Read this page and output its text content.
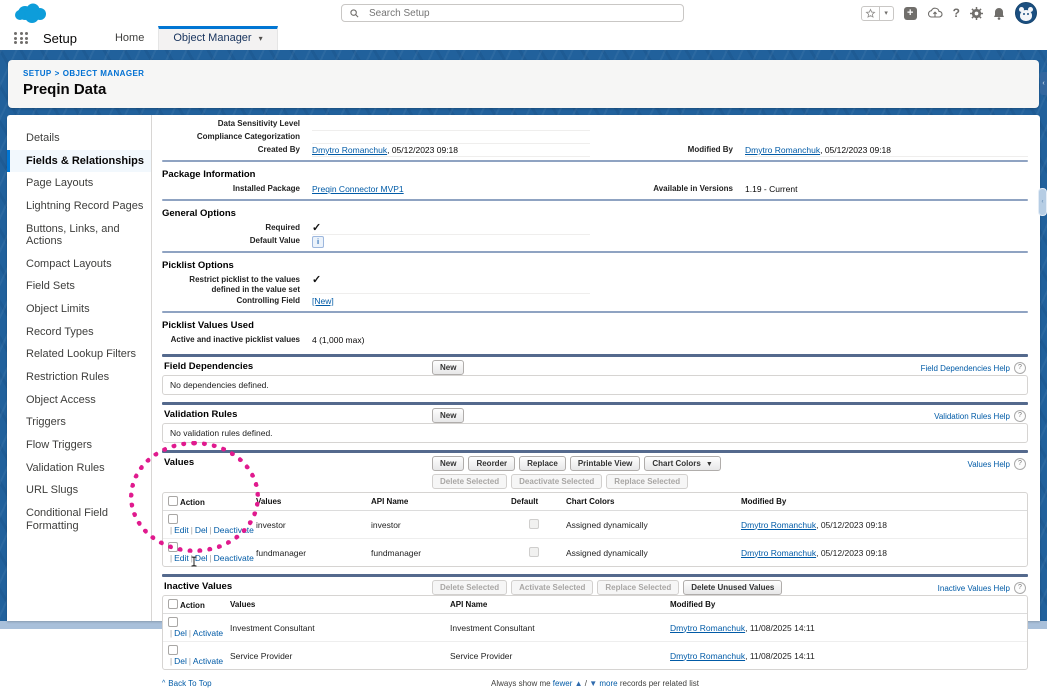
Search Setup
▾	+	?
Setup	Home	Object Manager ▾
SETUP > OBJECT MANAGER
Preqin Data
Details
Fields & Relationships
Page Layouts
Lightning Record Pages
Buttons, Links, and Actions
Compact Layouts
Field Sets
Object Limits
Record Types
Related Lookup Filters
Restriction Rules
Object Access
Triggers
Flow Triggers
Validation Rules
URL Slugs
Conditional Field Formatting
Data Sensitivity Level
Compliance Categorization
Created By	Dmytro Romanchuk, 05/12/2023 09:18	Modified By	Dmytro Romanchuk, 05/12/2023 09:18
Package Information
Installed Package	Preqin Connector MVP1	Available in Versions	1.19 - Current
General Options
Required	✓
Default Value	i
Picklist Options
Restrict picklist to the values defined in the value set
✓
Controlling Field	[New]
Picklist Values Used
Active and inactive picklist values	4 (1,000 max)
Field Dependencies	New	Field Dependencies Help	?
No dependencies defined.
Validation Rules	New	Validation Rules Help	?
No validation rules defined.
Values	New	Reorder	Replace	Printable View	Chart Colors ▼
Delete Selected	Deactivate Selected	Replace Selected
Values Help	?
Action	Values	API Name	Default	Chart Colors	Modified By
| Edit | Del | Deactivate	investor	investor		Assigned dynamically	Dmytro Romanchuk, 05/12/2023 09:18
| Edit | Del | Deactivate	fundmanager	fundmanager		Assigned dynamically	Dmytro Romanchuk, 05/12/2023 09:18
Inactive Values	Delete Selected	Activate Selected	Replace Selected	Delete Unused Values	Inactive Values Help	?
Action	Values	API Name	Modified By
| Del | Activate	Investment Consultant	Investment Consultant	Dmytro Romanchuk, 11/08/2025 14:11
| Del | Activate	Service Provider	Service Provider	Dmytro Romanchuk, 11/08/2025 14:11
^ Back To Top	Always show me fewer ▲ / ▼ more records per related list
‹
‹
